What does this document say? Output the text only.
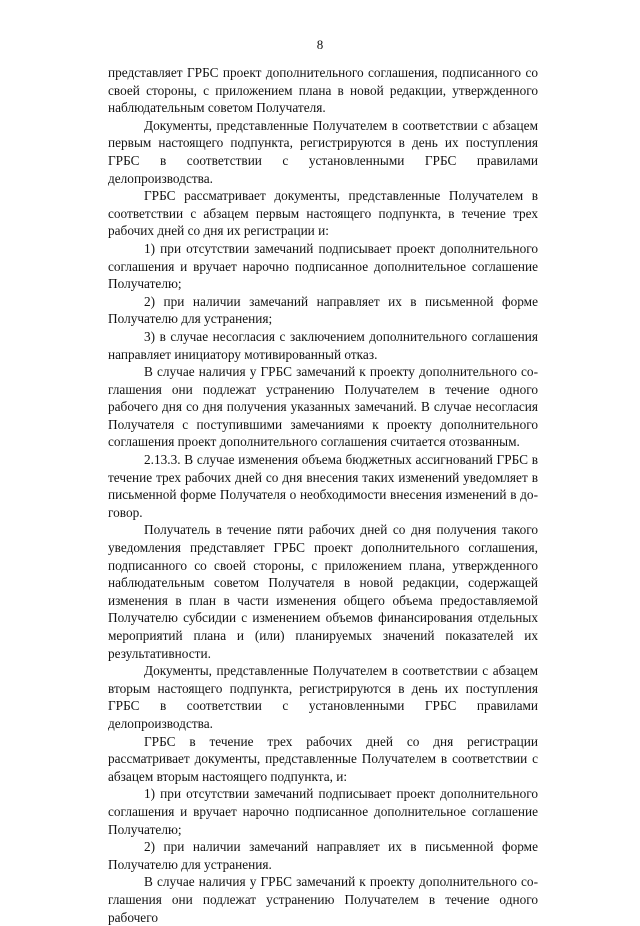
8

представляет ГРБС проект дополнительного соглашения, подписанного со своей стороны, с приложением плана в новой редакции, утвержденного наблюдательным советом Получателя.

Документы, представленные Получателем в соответствии с абзацем первым настоящего подпункта, регистрируются в день их поступления ГРБС в соответствии с установленными ГРБС правилами делопроизводства.

ГРБС рассматривает документы, представленные Получателем в соответствии с абзацем первым настоящего подпункта, в течение трех рабочих дней со дня их регистрации и:

1) при отсутствии замечаний подписывает проект дополнительного соглашения и вручает нарочно подписанное дополнительное соглашение Получателю;

2) при наличии замечаний направляет их в письменной форме Получателю для устранения;

3) в случае несогласия с заключением дополнительного соглашения направляет инициатору мотивированный отказ.

В случае наличия у ГРБС замечаний к проекту дополнительного соглашения они подлежат устранению Получателем в течение одного рабочего дня со дня получения указанных замечаний. В случае несогласия Получателя с поступившими замечаниями к проекту дополнительного соглашения проект дополнительного соглашения считается отозванным.

2.13.3. В случае изменения объема бюджетных ассигнований ГРБС в течение трех рабочих дней со дня внесения таких изменений уведомляет в письменной форме Получателя о необходимости внесения изменений в договор.

Получатель в течение пяти рабочих дней со дня получения такого уведомления представляет ГРБС проект дополнительного соглашения, подписанного со своей стороны, с приложением плана, утвержденного наблюдательным советом Получателя в новой редакции, содержащей изменения в план в части изменения общего объема предоставляемой Получателю субсидии с изменением объемов финансирования отдельных мероприятий плана и (или) планируемых значений показателей их результативности.

Документы, представленные Получателем в соответствии с абзацем вторым настоящего подпункта, регистрируются в день их поступления ГРБС в соответствии с установленными ГРБС правилами делопроизводства.

ГРБС в течение трех рабочих дней со дня регистрации рассматривает документы, представленные Получателем в соответствии с абзацем вторым настоящего подпункта, и:

1) при отсутствии замечаний подписывает проект дополнительного соглашения и вручает нарочно подписанное дополнительное соглашение Получателю;

2) при наличии замечаний направляет их в письменной форме Получателю для устранения.

В случае наличия у ГРБС замечаний к проекту дополнительного соглашения они подлежат устранению Получателем в течение одного рабочего
